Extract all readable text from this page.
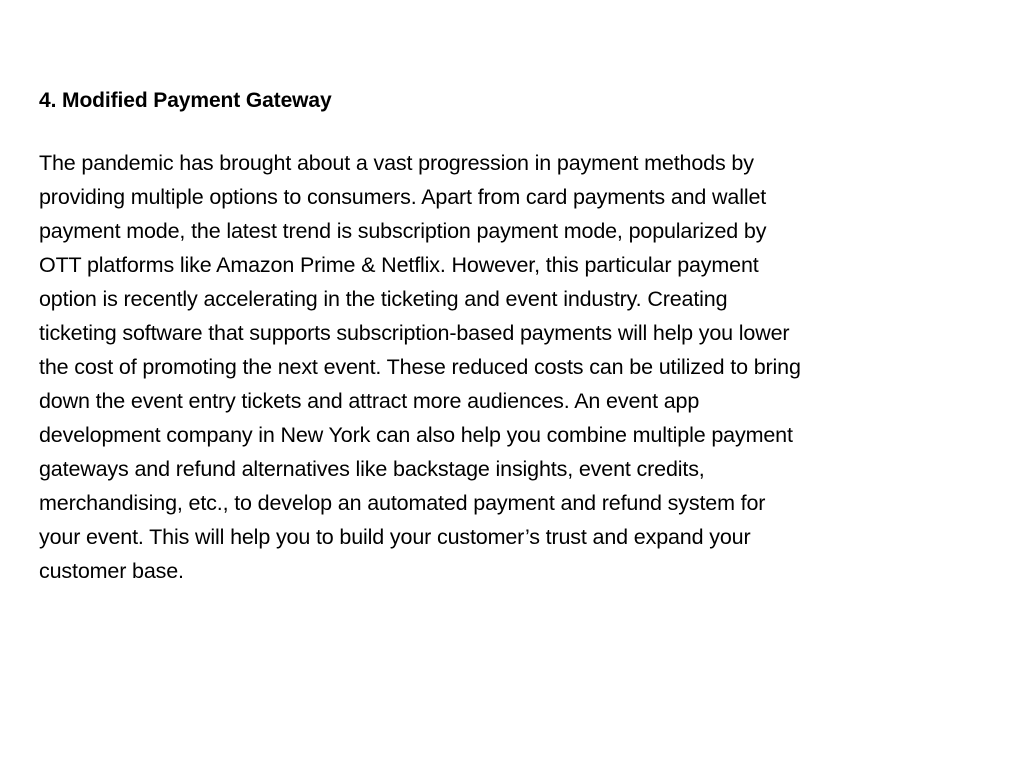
4. Modified Payment Gateway

The pandemic has brought about a vast progression in payment methods by
providing multiple options to consumers. Apart from card payments and wallet
payment mode, the latest trend is subscription payment mode, popularized by
OTT platforms like Amazon Prime & Netflix. However, this particular payment
option is recently accelerating in the ticketing and event industry. Creating
ticketing software that supports subscription-based payments will help you lower
the cost of promoting the next event. These reduced costs can be utilized to bring
down the event entry tickets and attract more audiences. An event app
development company in New York can also help you combine multiple payment
gateways and refund alternatives like backstage insights, event credits,
merchandising, etc., to develop an automated payment and refund system for
your event. This will help you to build your customer’s trust and expand your
customer base.
